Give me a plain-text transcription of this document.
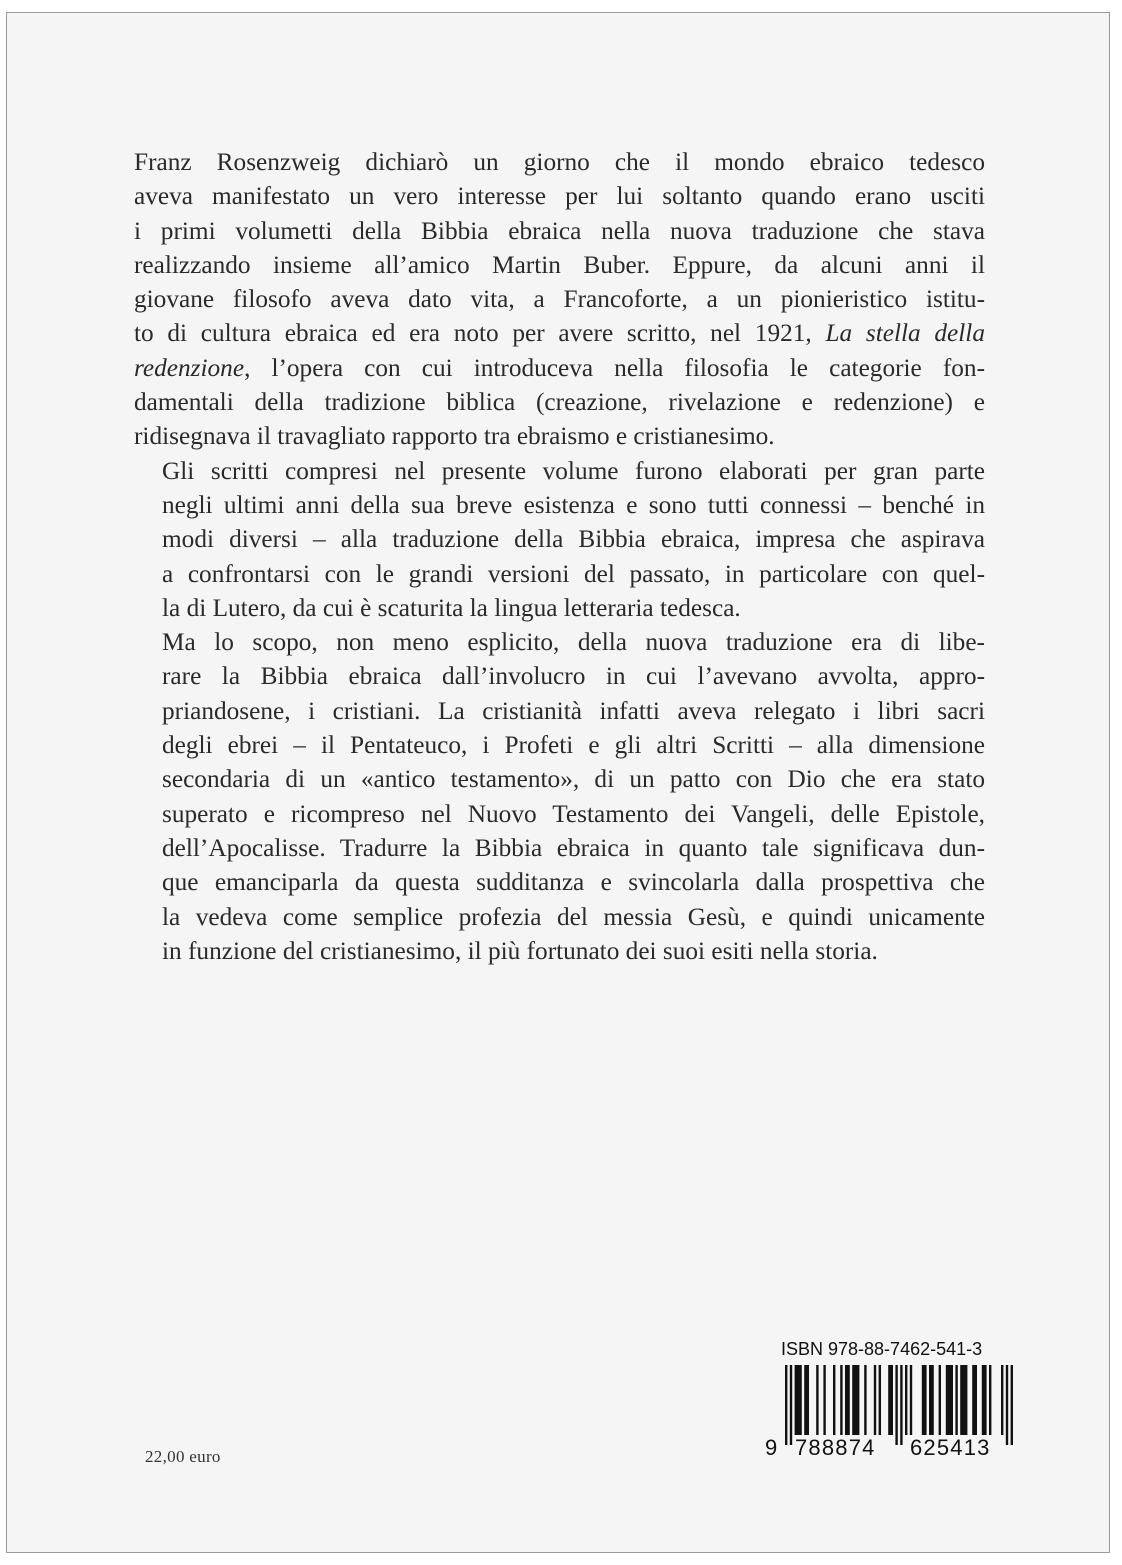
Franz Rosenzweig dichiarò un giorno che il mondo ebraico tedesco
aveva manifestato un vero interesse per lui soltanto quando erano usciti
i primi volumetti della Bibbia ebraica nella nuova traduzione che stava
realizzando insieme all’amico Martin Buber. Eppure, da alcuni anni il
giovane filosofo aveva dato vita, a Francoforte, a un pionieristico istitu-
to di cultura ebraica ed era noto per avere scritto, nel 1921, La stella della
redenzione, l’opera con cui introduceva nella filosofia le categorie fon-
damentali della tradizione biblica (creazione, rivelazione e redenzione) e
ridisegnava il travagliato rapporto tra ebraismo e cristianesimo.

Gli scritti compresi nel presente volume furono elaborati per gran parte
negli ultimi anni della sua breve esistenza e sono tutti connessi – benché in
modi diversi – alla traduzione della Bibbia ebraica, impresa che aspirava
a confrontarsi con le grandi versioni del passato, in particolare con quel-
la di Lutero, da cui è scaturita la lingua letteraria tedesca.

Ma lo scopo, non meno esplicito, della nuova traduzione era di libe-
rare la Bibbia ebraica dall’involucro in cui l’avevano avvolta, appro-
priandosene, i cristiani. La cristianità infatti aveva relegato i libri sacri
degli ebrei – il Pentateuco, i Profeti e gli altri Scritti – alla dimensione
secondaria di un «antico testamento», di un patto con Dio che era stato
superato e ricompreso nel Nuovo Testamento dei Vangeli, delle Epistole,
dell’Apocalisse. Tradurre la Bibbia ebraica in quanto tale significava dun-
que emanciparla da questa sudditanza e svincolarla dalla prospettiva che
la vedeva come semplice profezia del messia Gesù, e quindi unicamente
in funzione del cristianesimo, il più fortunato dei suoi esiti nella storia.

22,00 euro
ISBN 978-88-7462-541-3
9 788874 625413
